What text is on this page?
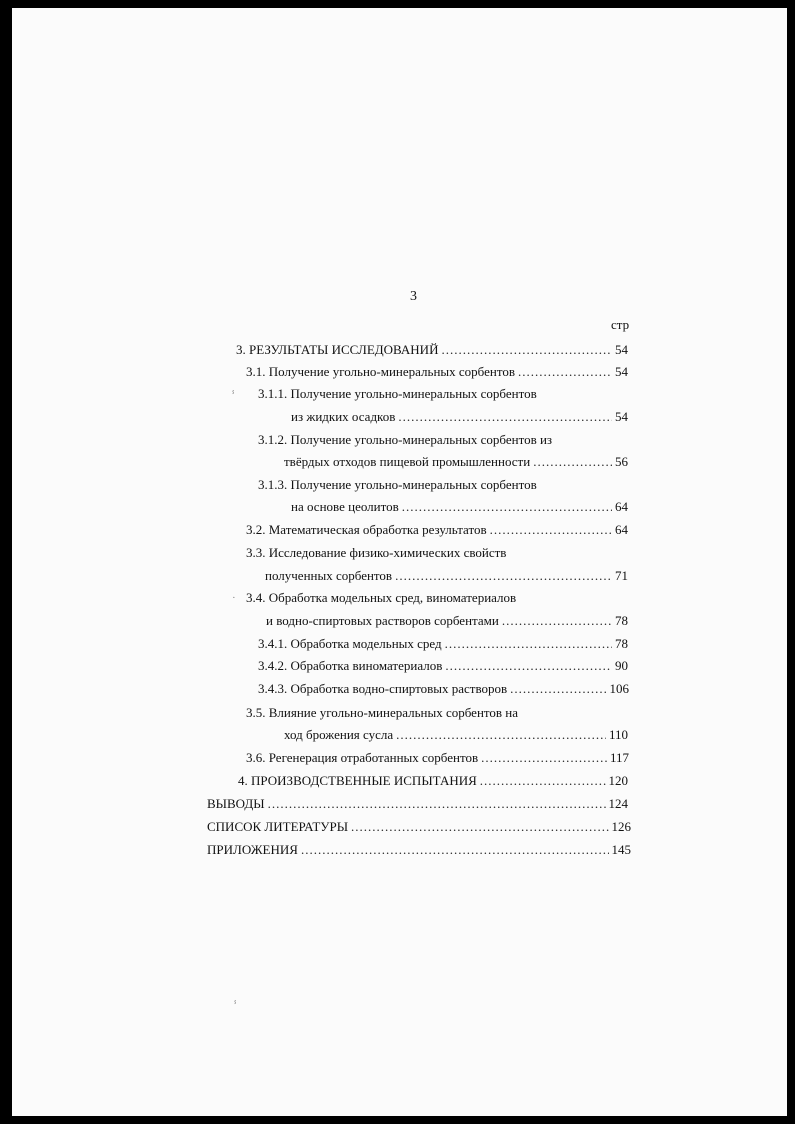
3
стр
3. РЕЗУЛЬТАТЫ ИССЛЕДОВАНИЙ .....	54
3.1. Получение угольно-минеральных сорбентов .....	54
3.1.1. Получение угольно-минеральных сорбентов
из жидких осадков .....	54
3.1.2. Получение угольно-минеральных сорбентов из
твёрдых отходов пищевой промышленности .....	56
3.1.3. Получение угольно-минеральных сорбентов
на основе цеолитов .....	64
3.2. Математическая обработка результатов .....	64
3.3. Исследование физико-химических свойств
полученных сорбентов .....	71
3.4. Обработка модельных сред, виноматериалов
и водно-спиртовых растворов сорбентами .....	78
3.4.1. Обработка модельных сред .....	78
3.4.2. Обработка виноматериалов .....	90
3.4.3. Обработка водно-спиртовых растворов .....	106
3.5. Влияние угольно-минеральных сорбентов на
ход брожения сусла .....	110
3.6. Регенерация отработанных сорбентов .....	117
4. ПРОИЗВОДСТВЕННЫЕ ИСПЫТАНИЯ .....	120
ВЫВОДЫ .....	124
СПИСОК ЛИТЕРАТУРЫ .....	126
ПРИЛОЖЕНИЯ .....	145
ⸯ
·
ⸯ
